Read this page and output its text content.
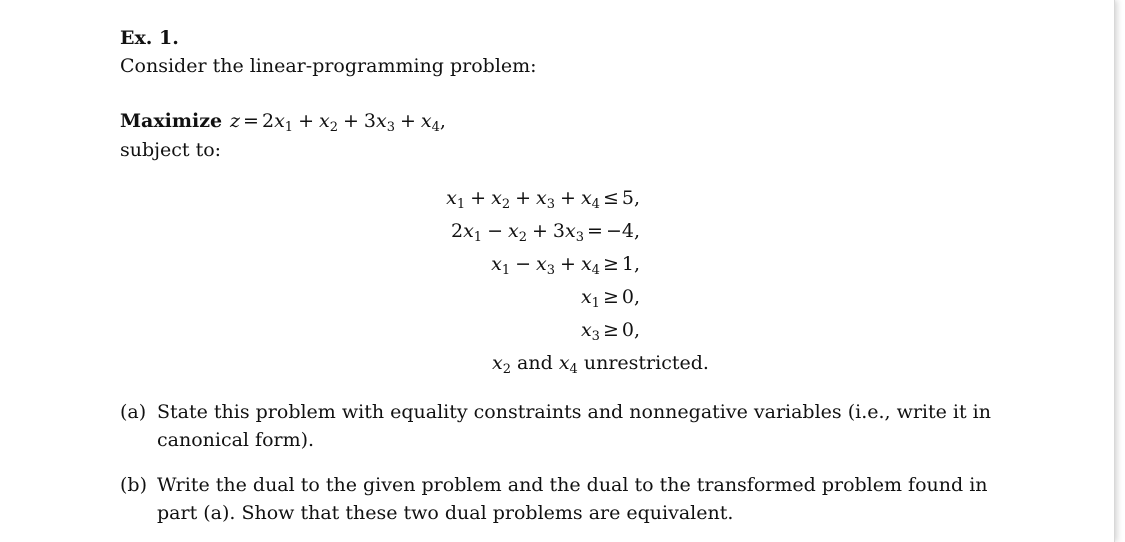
Ex. 1.
Consider the linear-programming problem:
Maximize  $z = 2x_1 + x_2 + 3x_3 + x_4$,
subject to:
$x_1 + x_2 + x_3 + x_4 \le 5$,
$2x_1 - x_2 + 3x_3 = -4$,
$x_1 - x_3 + x_4 \ge 1$,
$x_1 \ge 0$,
$x_3 \ge 0$,
$x_2$ and $x_4$ unrestricted.
(a) State this problem with equality constraints and nonnegative variables (i.e., write it in canonical form).
(b) Write the dual to the given problem and the dual to the transformed problem found in part (a). Show that these two dual problems are equivalent.
